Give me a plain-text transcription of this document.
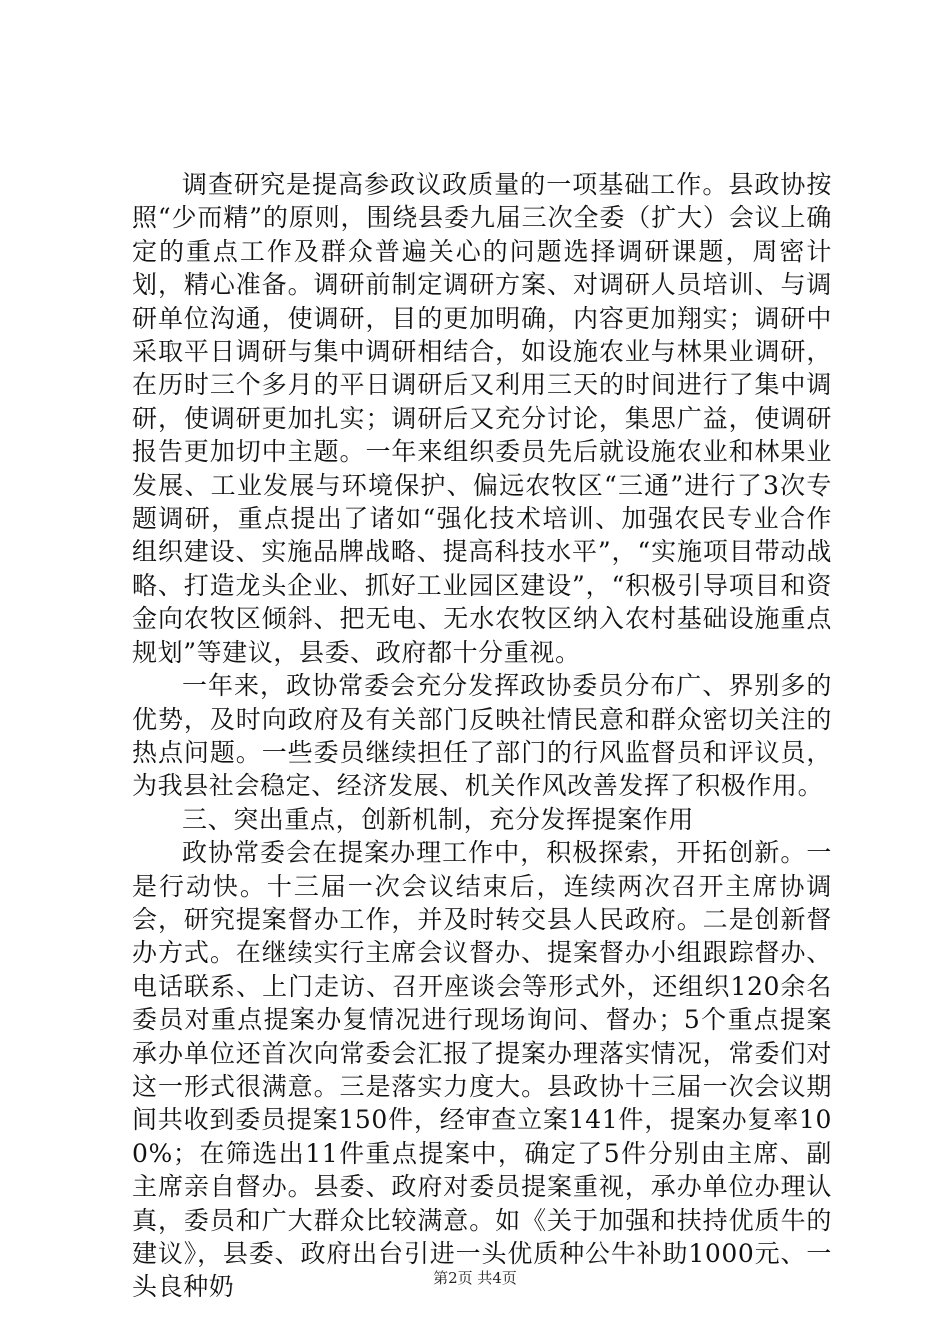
调查研究是提高参政议政质量的一项基础工作。县政协按照“少而精”的原则，围绕县委九届三次全委（扩大）会议上确定的重点工作及群众普遍关心的问题选择调研课题，周密计划，精心准备。调研前制定调研方案、对调研人员培训、与调研单位沟通，使调研，目的更加明确，内容更加翔实；调研中采取平日调研与集中调研相结合，如设施农业与林果业调研，在历时三个多月的平日调研后又利用三天的时间进行了集中调研，使调研更加扎实；调研后又充分讨论，集思广益，使调研报告更加切中主题。一年来组织委员先后就设施农业和林果业发展、工业发展与环境保护、偏远农牧区“三通”进行了3次专题调研，重点提出了诸如“强化技术培训、加强农民专业合作组织建设、实施品牌战略、提高科技水平”，“实施项目带动战略、打造龙头企业、抓好工业园区建设”，“积极引导项目和资金向农牧区倾斜、把无电、无水农牧区纳入农村基础设施重点规划”等建议，县委、政府都十分重视。

一年来，政协常委会充分发挥政协委员分布广、界别多的优势，及时向政府及有关部门反映社情民意和群众密切关注的热点问题。一些委员继续担任了部门的行风监督员和评议员，为我县社会稳定、经济发展、机关作风改善发挥了积极作用。

三、突出重点，创新机制，充分发挥提案作用

政协常委会在提案办理工作中，积极探索，开拓创新。一是行动快。十三届一次会议结束后，连续两次召开主席协调会，研究提案督办工作，并及时转交县人民政府。二是创新督办方式。在继续实行主席会议督办、提案督办小组跟踪督办、电话联系、上门走访、召开座谈会等形式外，还组织120余名委员对重点提案办复情况进行现场询问、督办；5个重点提案承办单位还首次向常委会汇报了提案办理落实情况，常委们对这一形式很满意。三是落实力度大。县政协十三届一次会议期间共收到委员提案150件，经审查立案141件，提案办复率100%；在筛选出11件重点提案中，确定了5件分别由主席、副主席亲自督办。县委、政府对委员提案重视，承办单位办理认真，委员和广大群众比较满意。如《关于加强和扶持优质牛的建议》，县委、政府出台引进一头优质种公牛补助1000元、一头良种奶	第2页 共4页
